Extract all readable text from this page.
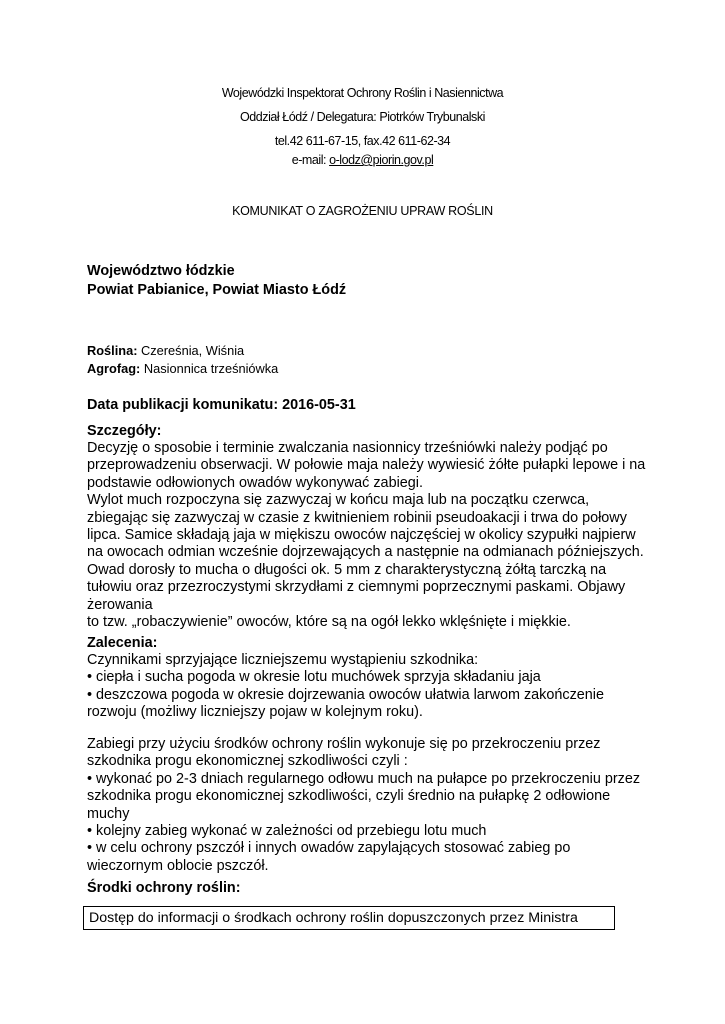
Wojewódzki Inspektorat Ochrony Roślin i Nasiennictwa
Oddział Łódź / Delegatura: Piotrków Trybunalski
tel.42 611-67-15, fax.42 611-62-34
e-mail: o-lodz@piorin.gov.pl
KOMUNIKAT O ZAGROŻENIU UPRAW ROŚLIN
Województwo łódzkie
Powiat Pabianice, Powiat Miasto Łódź
Roślina: Czereśnia, Wiśnia
Agrofag: Nasionnica trześniówka
Data publikacji komunikatu: 2016-05-31
Szczegóły:

Decyzję o sposobie i terminie zwalczania nasionnicy trześniówki należy podjąć po przeprowadzeniu obserwacji. W połowie maja należy wywiesić żółte pułapki lepowe i na podstawie odłowionych owadów wykonywać zabiegi.

Wylot much rozpoczyna się zazwyczaj w końcu maja lub na początku czerwca, zbiegając się zazwyczaj w czasie z kwitnieniem robinii pseudoakacji i trwa do połowy lipca. Samice składają jaja w miękiszu owoców najczęściej w okolicy szypułki najpierw na owocach odmian wcześnie dojrzewających a następnie na odmianach późniejszych. Owad dorosły to mucha o długości ok. 5 mm z charakterystyczną żółtą tarczką na tułowiu oraz przezroczystymi skrzydłami z ciemnymi poprzecznymi paskami. Objawy żerowania

to tzw. „robaczywienie” owoców, które są na ogół lekko wklęśnięte i miękkie.

Zalecenia:

Czynnikami sprzyjające liczniejszemu wystąpieniu szkodnika:

• ciepła i sucha pogoda w okresie lotu muchówek sprzyja składaniu jaja

• deszczowa pogoda w okresie dojrzewania owoców ułatwia larwom zakończenie rozwoju (możliwy liczniejszy pojaw w kolejnym roku).

Zabiegi przy użyciu środków ochrony roślin wykonuje się po przekroczeniu przez szkodnika progu ekonomicznej szkodliwości czyli :

• wykonać po 2-3 dniach regularnego odłowu much na pułapce po przekroczeniu przez szkodnika progu ekonomicznej szkodliwości, czyli średnio na pułapkę 2 odłowione muchy

• kolejny zabieg wykonać w zależności od przebiegu lotu much

• w celu ochrony pszczół i innych owadów zapylających stosować zabieg po wieczornym oblocie pszczół.

Środki ochrony roślin:
Dostęp do informacji o środkach ochrony roślin dopuszczonych przez Ministra
